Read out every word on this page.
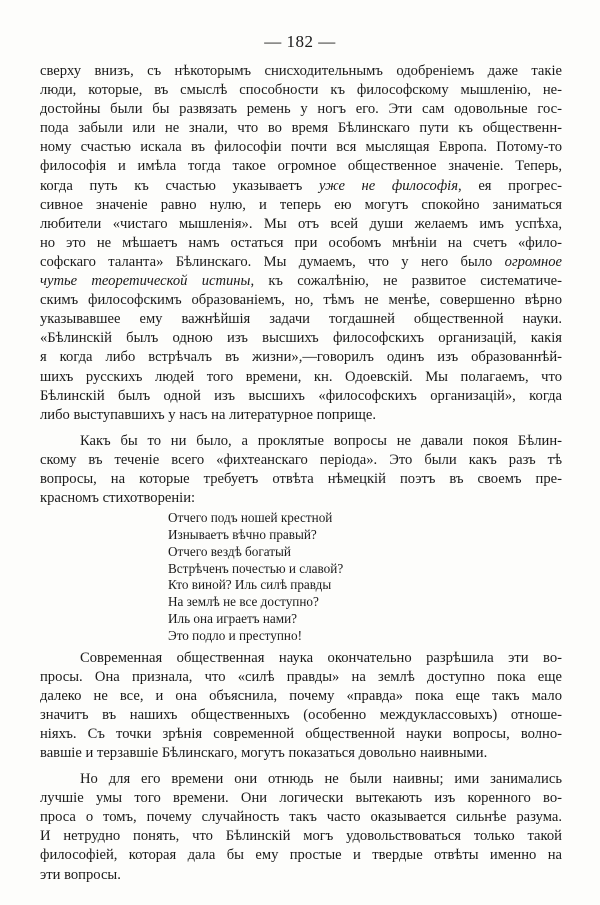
— 182 —
сверху внизъ, съ нѣкоторымъ снисходительнымъ одобренiемъ даже такiе
люди, которые, въ смыслѣ способности къ философскому мышленiю, не-
достойны были бы развязать ремень у ногъ его. Эти сам одовольные гос-
пода забыли или не знали, что во время Бѣлинскаго пути къ общественн-
ному счастью искала въ философiи почти вся мыслящая Европа. Потому-то
философiя и имѣла тогда такое огромное общественное значенiе. Теперь,
когда путь къ счастью указываетъ уже не философiя, ея прогрес-
сивное значенiе равно нулю, и теперь ею могутъ спокойно заниматься
любители «чистаго мышленiя». Мы отъ всей души желаемъ имъ успѣха,
но это не мѣшаетъ намъ остаться при особомъ мнѣнiи на счетъ «фило-
софскаго таланта» Бѣлинскаго. Мы думаемъ, что у него было огромное
чутье теоретической истины, къ сожалѣнiю, не развитое систематиче-
скимъ философскимъ образованiемъ, но, тѣмъ не менѣе, совершенно вѣрно
указывавшее ему важнѣйшiя задачи тогдашней общественной науки.
«Бѣлинскiй былъ одною изъ высшихъ философскихъ организацiй, какiя
я когда либо встрѣчалъ въ жизни»,—говорилъ одинъ изъ образованнѣй-
шихъ русскихъ людей того времени, кн. Одоевскiй. Мы полагаемъ, что
Бѣлинскiй былъ одной изъ высшихъ «философскихъ организацiй», когда
либо выступавшихъ у насъ на литературное поприще.
Какъ бы то ни было, а проклятые вопросы не давали покоя Бѣлин-
скому въ теченiе всего «фихтеанскаго перiода». Это были какъ разъ тѣ
вопросы, на которые требуетъ отвѣта нѣмецкiй поэтъ въ своемъ пре-
красномъ стихотворенiи:
Отчего подъ ношей крестной
Изнываетъ вѣчно правый?
Отчего вездѣ богатый
Встрѣченъ почестью и славой?
Кто виной? Иль силѣ правды
На землѣ не все доступно?
Иль она играетъ нами?
Это подло и преступно!
Современная общественная наука окончательно разрѣшила эти во-
просы. Она признала, что «силѣ правды» на землѣ доступно пока еще
далеко не все, и она объяснила, почему «правда» пока еще такъ мало
значитъ въ нашихъ общественныхъ (особенно междуклассовыхъ) отноше-
нiяхъ. Съ точки зрѣнiя современной общественной науки вопросы, волно-
вавшiе и терзавшiе Бѣлинскаго, могутъ показаться довольно наивными.
Но для его времени они отнюдь не были наивны; ими занимались
лучшiе умы того времени. Они логически вытекають изъ коренного во-
проса о томъ, почему случайность такъ часто оказывается сильнѣе разума.
И нетрудно понять, что Бѣлинскiй могъ удовольствоваться только такой
философiей, которая дала бы ему простые и твердые отвѣты именно на
эти вопросы.
